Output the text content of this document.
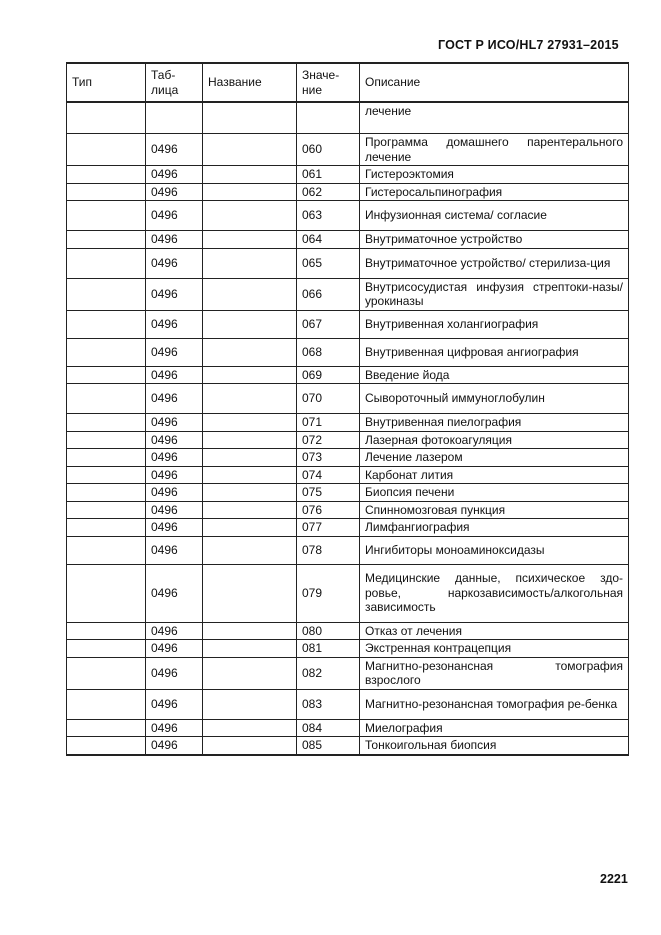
ГОСТ Р ИСО/HL7 27931–2015
Тип	Таб-лица	Название	Значе-ние	Описание
				лечение
	0496		060	Программа домашнего парентерального лечение
	0496		061	Гистероэктомия
	0496		062	Гистеросальпинография
	0496		063	Инфузионная система/ согласие
	0496		064	Внутриматочное устройство
	0496		065	Внутриматочное устройство/ стерилиза-ция
	0496		066	Внутрисосудистая инфузия стрептоки-назы/урокиназы
	0496		067	Внутривенная холангиография
	0496		068	Внутривенная цифровая ангиография
	0496		069	Введение йода
	0496		070	Сывороточный иммуноглобулин
	0496		071	Внутривенная пиелография
	0496		072	Лазерная фотокоагуляция
	0496		073	Лечение лазером
	0496		074	Карбонат лития
	0496		075	Биопсия печени
	0496		076	Спинномозговая пункция
	0496		077	Лимфангиография
	0496		078	Ингибиторы моноаминоксидазы
	0496		079	Медицинские данные, психическое здо-ровье, наркозависимость/алкогольная зависимость
	0496		080	Отказ от лечения
	0496		081	Экстренная контрацепция
	0496		082	Магнитно-резонансная томография взрослого
	0496		083	Магнитно-резонансная томография ре-бенка
	0496		084	Миелография
	0496		085	Тонкоигольная биопсия
2221
